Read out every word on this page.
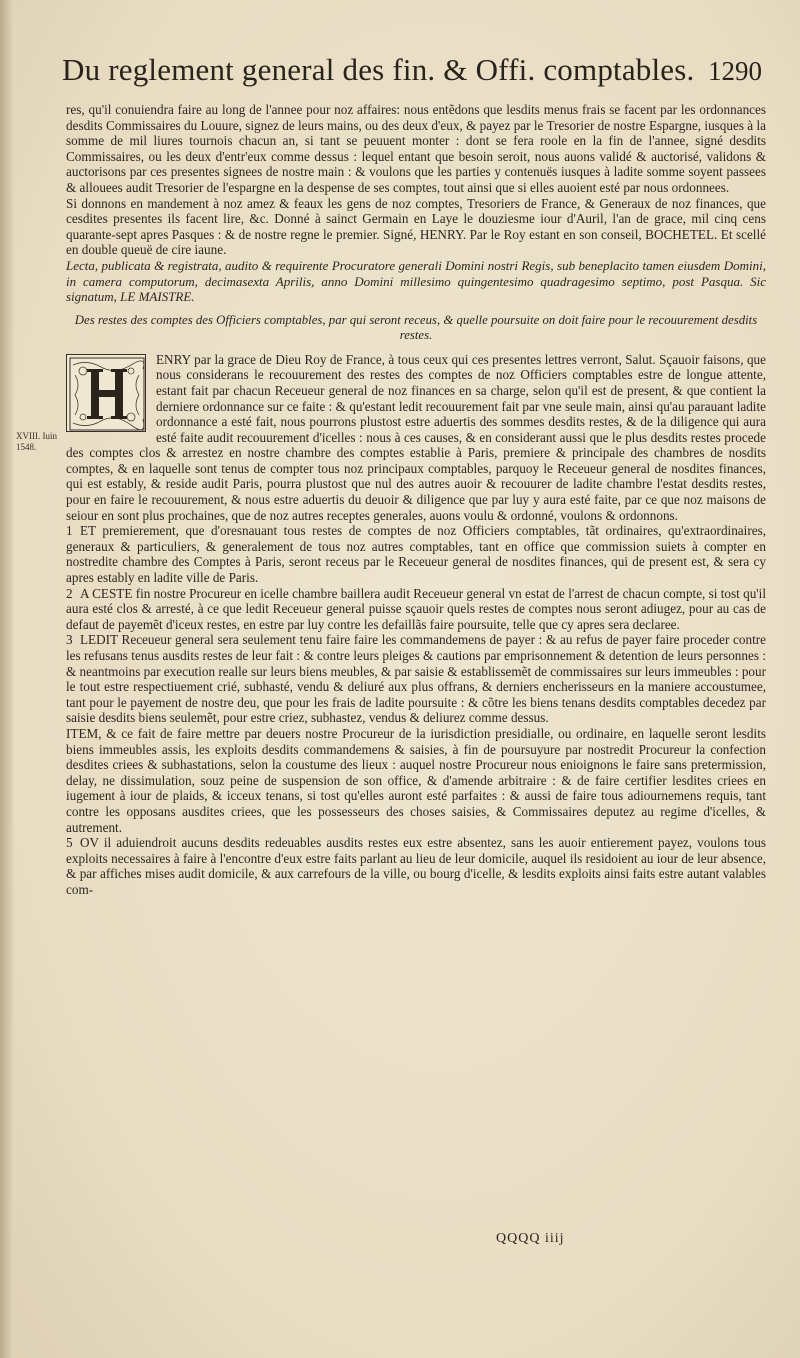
Du reglement general des fin. & Offi. comptables. 1290
XVIII. Iuin 1548.

res, qu'il conuiendra faire au long de l'annee pour noz affaires: nous entẽdons que lesdits menus frais se facent par les ordonnances desdits Commissaires du Louure, signez de leurs mains, ou des deux d'eux, & payez par le Tresorier de nostre Espargne, iusques à la somme de mil liures tournois chacun an, si tant se peuuent monter : dont se fera roole en la fin de l'annee, signé desdits Commissaires, ou les deux d'entr'eux comme dessus : lequel entant que besoin seroit, nous auons validé & auctorisé, validons & auctorisons par ces presentes signees de nostre main : & voulons que les parties y contenuës iusques à ladite somme soyent passees & allouees audit Tresorier de l'espargne en la despense de ses comptes, tout ainsi que si elles auoient esté par nous ordonnees.

Si donnons en mandement à noz amez & feaux les gens de noz comptes, Tresoriers de France, & Generaux de noz finances, que cesdites presentes ils facent lire, &c. Donné à sainct Germain en Laye le douziesme iour d'Auril, l'an de grace, mil cinq cens quarante-sept apres Pasques : & de nostre regne le premier. Signé, HENRY. Par le Roy estant en son conseil, BOCHETEL. Et scellé en double queuë de cire iaune.

Lecta, publicata & registrata, audito & requirente Procuratore generali Domini nostri Regis, sub beneplacito tamen eiusdem Domini, in camera computorum, decimasexta Aprilis, anno Domini millesimo quingentesimo quadragesimo septimo, post Pasqua. Sic signatum, LE MAISTRE.

Des restes des comptes des Officiers comptables, par qui seront receus, & quelle poursuite on doit faire pour le recouurement desdits restes.

ENRY par la grace de Dieu Roy de France, à tous ceux qui ces presentes lettres verront, Salut. Sçauoir faisons, que nous considerans le recouurement des restes des comptes de noz Officiers comptables estre de longue attente, estant fait par chacun Receueur general de noz finances en sa charge, selon qu'il est de present, & que contient la derniere ordonnance sur ce faite : & qu'estant ledit recouurement fait par vne seule main, ainsi qu'au parauant ladite ordonnance a esté fait, nous pourrons plustost estre aduertis des sommes desdits restes, & de la diligence qui aura esté faite audit recouurement d'icelles : nous à ces causes, & en considerant aussi que le plus desdits restes procede des comptes clos & arrestez en nostre chambre des comptes establie à Paris, premiere & principale des chambres de nosdits comptes, & en laquelle sont tenus de compter tous noz principaux comptables, parquoy le Receueur general de nosdites finances, qui est estably, & reside audit Paris, pourra plustost que nul des autres auoir & recouurer de ladite chambre l'estat desdits restes, pour en faire le recouurement, & nous estre aduertis du deuoir & diligence que par luy y aura esté faite, par ce que noz maisons de seiour en sont plus prochaines, que de noz autres receptes generales, auons voulu & ordonné, voulons & ordonnons.

1 ET premierement, que d'oresnauant tous restes de comptes de noz Officiers comptables, tãt ordinaires, qu'extraordinaires, generaux & particuliers, & generalement de tous noz autres comptables, tant en office que commission suiets à compter en nostredite chambre des Comptes à Paris, seront receus par le Receueur general de nosdites finances, qui de present est, & sera cy apres estably en ladite ville de Paris.

2 A CESTE fin nostre Procureur en icelle chambre baillera audit Receueur general vn estat de l'arrest de chacun compte, si tost qu'il aura esté clos & arresté, à ce que ledit Receueur general puisse sçauoir quels restes de comptes nous seront adiugez, pour au cas de defaut de payemẽt d'iceux restes, en estre par luy contre les defaillãs faire poursuite, telle que cy apres sera declaree.

3 LEDIT Receueur general sera seulement tenu faire faire les commandemens de payer : & au refus de payer faire proceder contre les refusans tenus ausdits restes de leur fait : & contre leurs pleiges & cautions par emprisonnement & detention de leurs personnes : & neantmoins par execution realle sur leurs biens meubles, & par saisie & establissemẽt de commissaires sur leurs immeubles : pour le tout estre respectiuement crié, subhasté, vendu & deliuré aux plus offrans, & derniers encherisseurs en la maniere accoustumee, tant pour le payement de nostre deu, que pour les frais de ladite poursuite : & cõtre les biens tenans desdits comptables decedez par saisie desdits biens seulemẽt, pour estre criez, subhastez, vendus & deliurez comme dessus.

ITEM, & ce fait de faire mettre par deuers nostre Procureur de la iurisdiction presidialle, ou ordinaire, en laquelle seront lesdits biens immeubles assis, les exploits desdits commandemens & saisies, à fin de poursuyure par nostredit Procureur la confection desdites criees & subhastations, selon la coustume des lieux : auquel nostre Procureur nous enioignons le faire sans pretermission, delay, ne dissimulation, souz peine de suspension de son office, & d'amende arbitraire : & de faire certifier lesdites criees en iugement à iour de plaids, & icceux tenans, si tost qu'elles auront esté parfaites : & aussi de faire tous adiournemens requis, tant contre les opposans ausdites criees, que les possesseurs des choses saisies, & Commissaires deputez au regime d'icelles, & autrement.

5 OV il aduiendroit aucuns desdits redeuables ausdits restes eux estre absentez, sans les auoir entierement payez, voulons tous exploits necessaires à faire à l'encontre d'eux estre faits parlant au lieu de leur domicile, auquel ils residoient au iour de leur absence, & par affiches mises audit domicile, & aux carrefours de la ville, ou bourg d'icelle, & lesdits exploits ainsi faits estre autant valables com-

QQQQ iiij
